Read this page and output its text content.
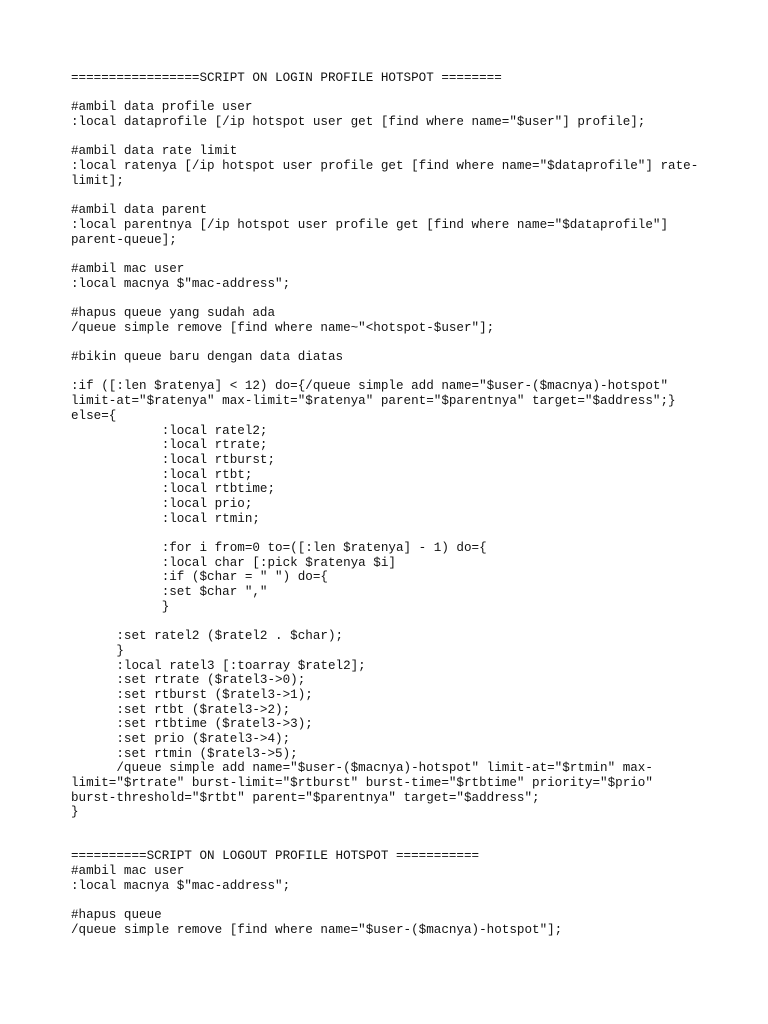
=================SCRIPT ON LOGIN PROFILE HOTSPOT ========
#ambil data profile user
:local dataprofile [/ip hotspot user get [find where name="$user"] profile];
#ambil data rate limit
:local ratenya [/ip hotspot user profile get [find where name="$dataprofile"] rate-
limit];
#ambil data parent
:local parentnya [/ip hotspot user profile get [find where name="$dataprofile"]
parent-queue];
#ambil mac user
:local macnya $"mac-address";
#hapus queue yang sudah ada
/queue simple remove [find where name~"<hotspot-$user"];
#bikin queue baru dengan data diatas
:if ([:len $ratenya] < 12) do={/queue simple add name="$user-($macnya)-hotspot"
limit-at="$ratenya" max-limit="$ratenya" parent="$parentnya" target="$address";}
else={
:local ratel2;
:local rtrate;
:local rtburst;
:local rtbt;
:local rtbtime;
:local prio;
:local rtmin;
:for i from=0 to=([:len $ratenya] - 1) do={
:local char [:pick $ratenya $i]
:if ($char = " ") do={
:set $char ","
}
:set ratel2 ($ratel2 . $char);
}
:local ratel3 [:toarray $ratel2];
:set rtrate ($ratel3->0);
:set rtburst ($ratel3->1);
:set rtbt ($ratel3->2);
:set rtbtime ($ratel3->3);
:set prio ($ratel3->4);
:set rtmin ($ratel3->5);
/queue simple add name="$user-($macnya)-hotspot" limit-at="$rtmin" max-
limit="$rtrate" burst-limit="$rtburst" burst-time="$rtbtime" priority="$prio"
burst-threshold="$rtbt" parent="$parentnya" target="$address";
}
==========SCRIPT ON LOGOUT PROFILE HOTSPOT ===========
#ambil mac user
:local macnya $"mac-address";
#hapus queue
/queue simple remove [find where name="$user-($macnya)-hotspot"];
